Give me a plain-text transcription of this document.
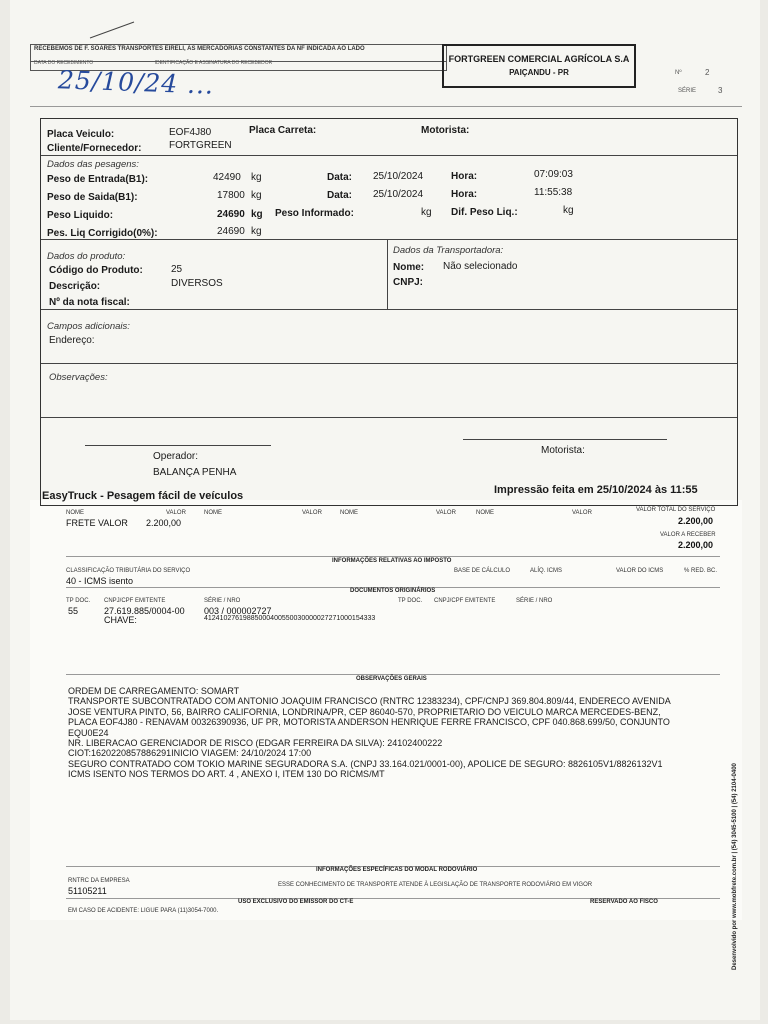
RECEBEMOS DE F. SOARES TRANSPORTES EIRELI, AS MERCADORIAS CONSTANTES DA NF INDICADA AO LADO
DATA DO RECEBIMENTO	IDENTIFICAÇÃO E ASSINATURA DO RECEBEDOR	FORTGREEN COMERCIAL AGRÍCOLA S.A
PAIÇANDU - PR	Nº	2
SÉRIE	3
25/10/24 ...
Placa Veiculo:	EOF4J80	Placa Carreta:	Motorista:
Cliente/Fornecedor:	FORTGREEN
Dados das pesagens:
Peso de Entrada(B1):	42490 kg	Data: 25/10/2024	Hora:	07:09:03
Peso de Saida(B1):	17800 kg	Data: 25/10/2024	Hora:	11:55:38
Peso Liquido:	24690 kg Peso Informado:	kg Dif. Peso Liq.:	kg
Pes. Liq Corrigido(0%):	24690 kg
Dados do produto:
Dados da Transportadora:
Código do Produto:	25	Nome: Não selecionado
CNPJ:
Descrição:	DIVERSOS
Nº da nota fiscal:
Campos adicionais:
Endereço:
Observações:
Operador:
Motorista:
BALANÇA PENHA
EasyTruck - Pesagem fácil de veículos	Impressão feita em 25/10/2024 às 11:55
NOME	VALOR	NOME	VALOR	NOME	VALOR	NOME	VALOR	VALOR TOTAL DO SERVIÇO
FRETE VALOR 2.200,00	2.200,00
VALOR A RECEBER
2.200,00
INFORMAÇÕES RELATIVAS AO IMPOSTO
CLASSIFICAÇÃO TRIBUTÁRIA DO SERVIÇO	BASE DE CÁLCULO	ALÍQ. ICMS	VALOR DO ICMS	% RED. BC.
40 - ICMS isento
DOCUMENTOS ORIGINÁRIOS
TP DOC. CNPJ/CPF EMITENTE	SÉRIE / NRO	TP DOC. CNPJ/CPF EMITENTE	SÉRIE / NRO
55	27.619.885/0004-00 003 / 000002727
CHAVE:	41241027619885000400550030000027271000154333
OBSERVAÇÕES GERAIS
ORDEM DE CARREGAMENTO: SOMART
TRANSPORTE SUBCONTRATADO COM ANTONIO JOAQUIM FRANCISCO (RNTRC 12383234), CPF/CNPJ 369.804.809/44, ENDERECO AVENIDA
JOSE VENTURA PINTO, 56, BAIRRO CALIFORNIA, LONDRINA/PR, CEP 86040-570, PROPRIETARIO DO VEICULO MARCA MERCEDES-BENZ,
PLACA EOF4J80 - RENAVAM 00326390936, UF PR, MOTORISTA ANDERSON HENRIQUE FERRE FRANCISCO, CPF 040.868.699/50, CONJUNTO
EQU0E24
NR. LIBERACAO GERENCIADOR DE RISCO (EDGAR FERREIRA DA SILVA): 24102400222
CIOT:1620220857886291INICIO VIAGEM: 24/10/2024 17:00
SEGURO CONTRATADO COM TOKIO MARINE SEGURADORA S.A. (CNPJ 33.164.021/0001-00), APOLICE DE SEGURO: 8826105V1/8826132V1
ICMS ISENTO NOS TERMOS DO ART. 4 , ANEXO I, ITEM 130 DO RICMS/MT
INFORMAÇÕES ESPECÍFICAS DO MODAL RODOVIÁRIO
RNTRC DA EMPRESA
51105211
ESSE CONHECIMENTO DE TRANSPORTE ATENDE À LEGISLAÇÃO DE TRANSPORTE RODOVIÁRIO EM VIGOR
USO EXCLUSIVO DO EMISSOR DO CT-E	RESERVADO AO FISCO
EM CASO DE ACIDENTE: LIGUE PARA (11)3054-7000.	Desenvolvido por www.mobfrete.com.br | (54) 3045-5100 | (54) 2104-0400
